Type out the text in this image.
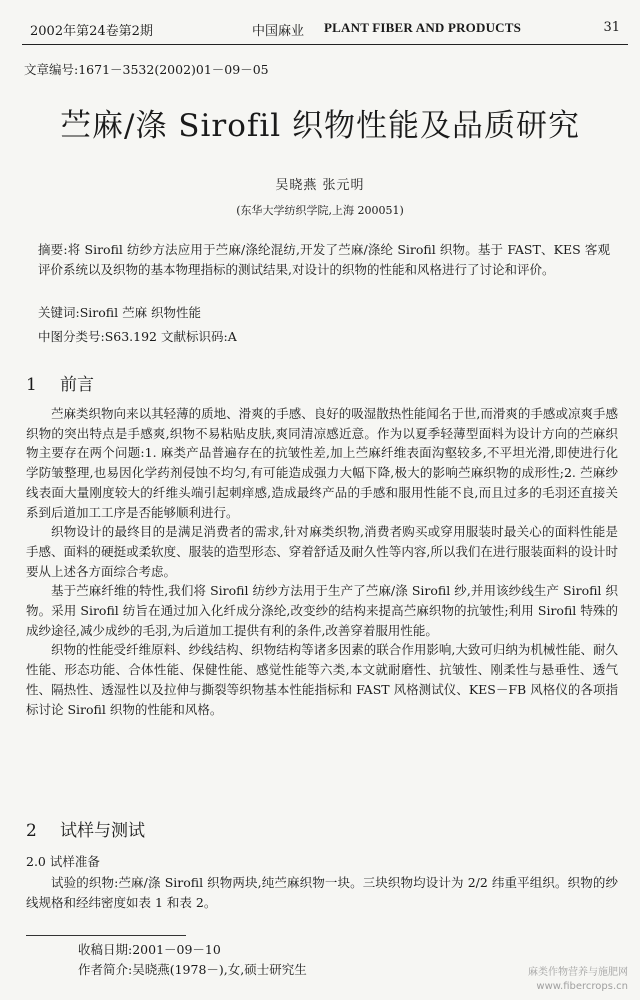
2002年第24卷第2期	中国麻业 PLANT FIBER AND PRODUCTS	31
文章编号:1671－3532(2002)01－09－05
苎麻/涤 Sirofil 织物性能及品质研究
吴晓燕 张元明
(东华大学纺织学院,上海 200051)
摘要:将 Sirofil 纺纱方法应用于苎麻/涤纶混纺,开发了苎麻/涤纶 Sirofil 织物。基于 FAST、KES 客观评价系统以及织物的基本物理指标的测试结果,对设计的织物的性能和风格进行了讨论和评价。
关键词:Sirofil 苎麻 织物性能
中图分类号:S63.192 文献标识码:A
1 前言

苎麻类织物向来以其轻薄的质地、滑爽的手感、良好的吸湿散热性能闻名于世,而滑爽的手感或凉爽手感织物的突出特点是手感爽,织物不易粘贴皮肤,爽同清凉感近意。作为以夏季轻薄型面料为设计方向的苎麻织物主要存在两个问题:1. 麻类产品普遍存在的抗皱性差,加上苎麻纤维表面沟壑较多,不平坦光滑,即使进行化学防皱整理,也易因化学药剂侵蚀不均匀,有可能造成强力大幅下降,极大的影响苎麻织物的成形性;2. 苎麻纱线表面大量刚度较大的纤维头端引起刺痒感,造成最终产品的手感和服用性能不良,而且过多的毛羽还直接关系到后道加工工序是否能够顺利进行。

织物设计的最终目的是满足消费者的需求,针对麻类织物,消费者购买或穿用服装时最关心的面料性能是手感、面料的硬挺或柔软度、服装的造型形态、穿着舒适及耐久性等内容,所以我们在进行服装面料的设计时要从上述各方面综合考虑。

基于苎麻纤维的特性,我们将 Sirofil 纺纱方法用于生产了苎麻/涤 Sirofil 纱,并用该纱线生产 Sirofil 织物。采用 Sirofil 纺旨在通过加入化纤成分涤纶,改变纱的结构来提高苎麻织物的抗皱性;利用 Sirofil 特殊的成纱途径,减少成纱的毛羽,为后道加工提供有利的条件,改善穿着服用性能。

织物的性能受纤维原料、纱线结构、织物结构等诸多因素的联合作用影响,大致可归纳为机械性能、耐久性能、形态功能、合体性能、保健性能、感觉性能等六类,本文就耐磨性、抗皱性、刚柔性与悬垂性、透气性、隔热性、透湿性以及拉伸与撕裂等织物基本性能指标和 FAST 风格测试仪、KES－FB 风格仪的各项指标讨论 Sirofil 织物的性能和风格。

2 试样与测试
2.0 试样准备

试验的织物:苎麻/涤 Sirofil 织物两块,纯苎麻织物一块。三块织物均设计为 2/2 纬重平组织。织物的纱线规格和经纬密度如表 1 和表 2。

收稿日期:2001－09－10
作者简介:吴晓燕(1978－),女,硕士研究生	麻类作物营养与施肥网
www.fibercrops.cn
